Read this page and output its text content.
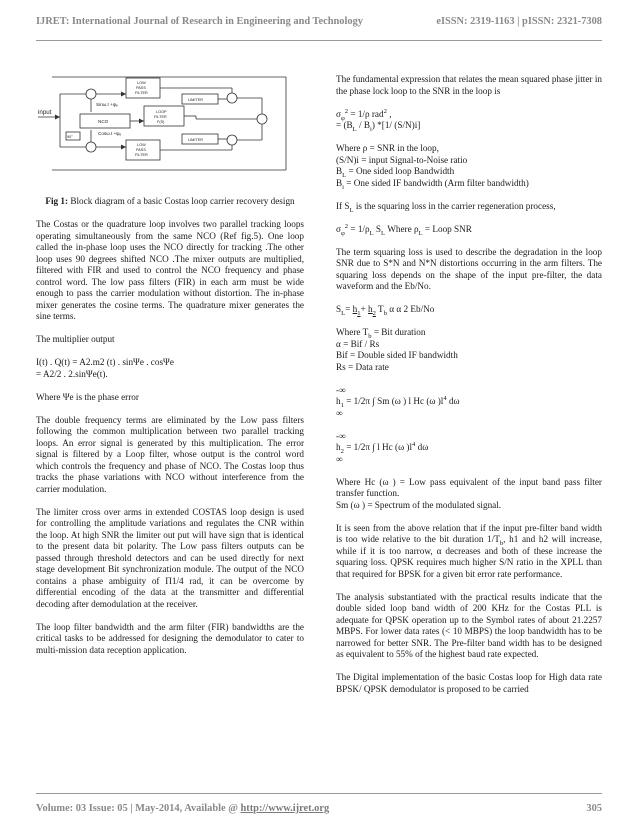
IJRET: International Journal of Research in Engineering and Technology	eISSN: 2319-1163 | pISSN: 2321-7308
input
Sinω.t +ψₑ
Cosω.t +ψₑ
NCO
90°
LOW
PASS
FILTER
LOW
PASS
FILTER
LIMITER
LIMITER
LOOP
FILTER
F(S)

Fig 1: Block diagram of a basic Costas loop carrier recovery design

The Costas or the quadrature loop involves two parallel tracking loops operating simultaneously from the same NCO (Ref fig.5). One loop called the in-phase loop uses the NCO directly for tracking .The other loop uses 90 degrees shifted NCO .The mixer outputs are multiplied, filtered with FIR and used to control the NCO frequency and phase control word. The low pass filters (FIR) in each arm must be wide enough to pass the carrier modulation without distortion. The in-phase mixer generates the cosine terms. The quadrature mixer generates the sine terms.

The multiplier output

I(t) . Q(t) = A2.m2 (t) . sinΨe . cosΨe

= A2/2 . 2.sinΨe(t).

Where Ψe is the phase error

The double frequency terms are eliminated by the Low pass filters following the common multiplication between two parallel tracking loops. An error signal is generated by this multiplication. The error signal is filtered by a Loop filter, whose output is the control word which controls the frequency and phase of NCO. The Costas loop thus tracks the phase variations with NCO without interference from the carrier modulation.

The limiter cross over arms in extended COSTAS loop design is used for controlling the amplitude variations and regulates the CNR within the loop. At high SNR the limiter out put will have sign that is identical to the present data bit polarity. The Low pass filters outputs can be passed through threshold detectors and can be used directly for next stage development Bit synchronization module. The output of the NCO contains a phase ambiguity of Π1/4 rad, it can be overcome by differential encoding of the data at the transmitter and differential decoding after demodulation at the receiver.

The loop filter bandwidth and the arm filter (FIR) bandwidths are the critical tasks to be addressed for designing the demodulator to cater to multi-mission data reception application.

The fundamental expression that relates the mean squared phase jitter in the phase lock loop to the SNR in the loop is

$\sigma_\varphi^2 = 1/\rho$ rad$^2$ ,

= $(B_L / B_i)$ *[1/ (S/N)i]

Where ρ = SNR in the loop,

(S/N)i = input Signal-to-Noise ratio

$B_L$ = One sided loop Bandwidth

$B_i$ = One sided IF bandwidth (Arm filter bandwidth)

If $S_L$ is the squaring loss in the carrier regeneration process,

$\sigma_\varphi^2 = 1/\rho_L$ $S_L$ Where $\rho_L$ = Loop SNR

The term squaring loss is used to describe the degradation in the loop SNR due to S*N and N*N distortions occurring in the arm filters. The squaring loss depends on the shape of the input pre-filter, the data waveform and the Eb/No.

$S_L= h_1+ h_2$ $T_b$ α α 2 Eb/No

Where $T_b$ = Bit duration

α = Bif / Rs

Bif = Double sided IF bandwidth

Rs = Data rate

-∞

$h_1 = 1/2\pi$ ∫ Sm (ω ) l Hc (ω )$l^4$ dω

∞

-∞

$h_2 = 1/2\pi$ ∫ l Hc (ω )$l^4$ dω

∞

Where Hc (ω ) = Low pass equivalent of the input band pass filter transfer function.

Sm (ω ) = Spectrum of the modulated signal.

It is seen from the above relation that if the input pre-filter band width is too wide relative to the bit duration $1/T_b$, h1 and h2 will increase, while if it is too narrow, α decreases and both of these increase the squaring loss. QPSK requires much higher S/N ratio in the XPLL than that required for BPSK for a given bit error rate performance.

The analysis substantiated with the practical results indicate that the double sided loop band width of 200 KHz for the Costas PLL is adequate for QPSK operation up to the Symbol rates of about 21.2257 MBPS. For lower data rates (< 10 MBPS) the loop bandwidth has to be narrowed for better SNR. The Pre-filter band width has to be designed as equivalent to 55% of the highest baud rate expected.

The Digital implementation of the basic Costas loop for High data rate BPSK/ QPSK demodulator is proposed to be carried

Volume: 03 Issue: 05 | May-2014, Available @ http://www.ijret.org	305
